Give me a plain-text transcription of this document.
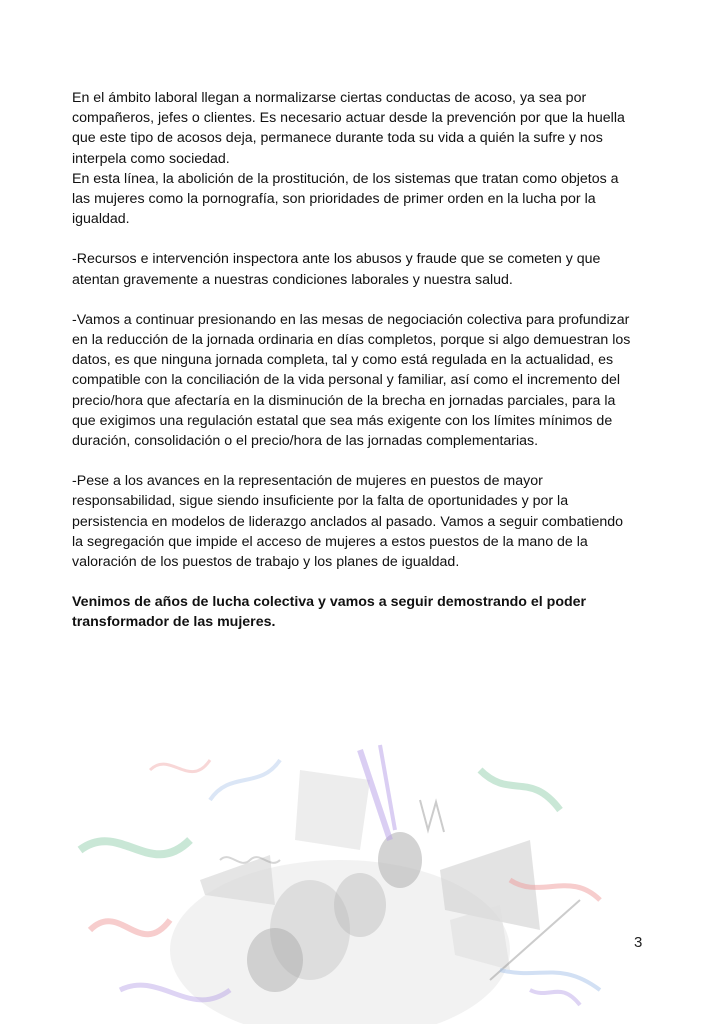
En el ámbito laboral llegan a normalizarse ciertas conductas de acoso, ya sea por
compañeros, jefes o clientes. Es necesario actuar desde la prevención por que la huella
que este tipo de acosos deja, permanece durante toda su vida a quién la sufre y nos
interpela como sociedad.
En esta línea, la abolición de la prostitución, de los sistemas que tratan como objetos a
las mujeres como la pornografía, son prioridades de primer orden en la lucha por la
igualdad.

-Recursos e intervención inspectora ante los abusos y fraude que se cometen y que
atentan gravemente a nuestras condiciones laborales y nuestra salud.

-Vamos a continuar presionando en las mesas de negociación colectiva para profundizar
en la reducción de la jornada ordinaria en días completos, porque si algo demuestran los
datos, es que ninguna jornada completa, tal y como está regulada en la actualidad, es
compatible con la conciliación de la vida personal y familiar, así como el incremento del
precio/hora que afectaría en la disminución de la brecha en jornadas parciales, para la
que exigimos una regulación estatal que sea más exigente con los límites mínimos de
duración, consolidación o el precio/hora de las jornadas complementarias.

-Pese a los avances en la representación de mujeres en puestos de mayor
responsabilidad, sigue siendo insuficiente por la falta de oportunidades y por la
persistencia en modelos de liderazgo anclados al pasado. Vamos a seguir combatiendo
la segregación que impide el acceso de mujeres a estos puestos de la mano de la
valoración de los puestos de trabajo y los planes de igualdad.

Venimos de años de lucha colectiva y vamos a seguir demostrando el poder
transformador de las mujeres.

3
